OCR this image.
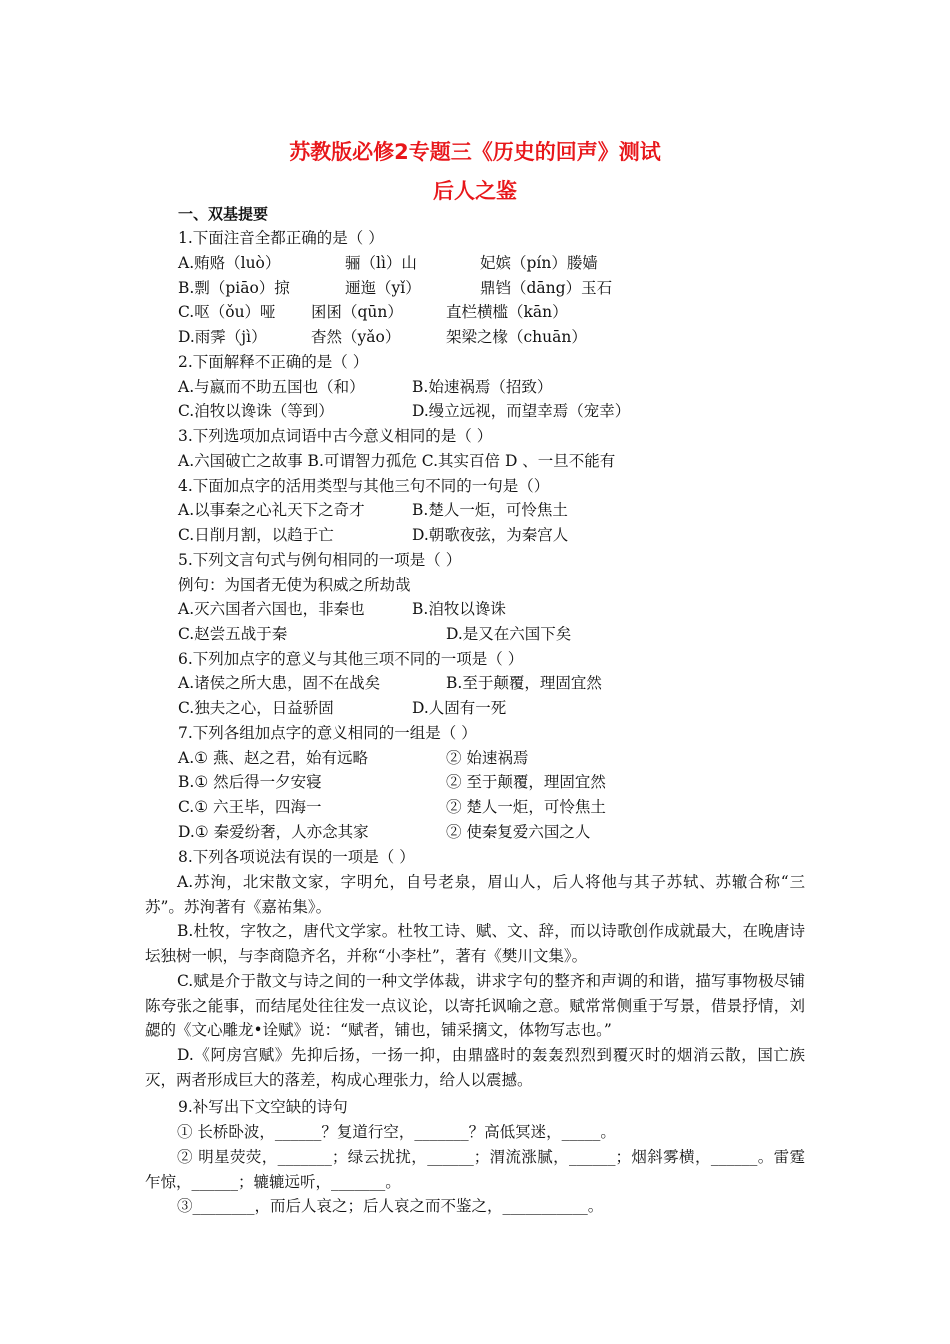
苏教版必修2专题三《历史的回声》测试
后人之鉴
一、双基提要
1.下面注音全都正确的是（ ）
A.贿赂（luò）	骊（lì）山	妃嫔（pín）媵嫱
B.剽（piāo）掠	逦迤（yǐ）	鼎铛（dāng）玉石
C.呕（ǒu）哑 囷囷（qūn）	直栏横槛（kān）
D.雨霁（jì）	杳然（yǎo）	架梁之椽（chuān）
2.下面解释不正确的是（ ）
A.与嬴而不助五国也（和）	B.始速祸焉（招致）
C.洎牧以谗诛（等到）	D.缦立远视，而望幸焉（宠幸）
3.下列选项加点词语中古今意义相同的是（ ）
A.六国破亡之故事 B.可谓智力孤危 C.其实百倍 D 、一旦不能有
4.下面加点字的活用类型与其他三句不同的一句是（）
A.以事秦之心礼天下之奇才	B.楚人一炬，可怜焦土
C.日削月割，以趋于亡	D.朝歌夜弦，为秦宫人
5.下列文言句式与例句相同的一项是（ ）
例句：为国者无使为积威之所劫哉
A.灭六国者六国也，非秦也	B.洎牧以谗诛
C.赵尝五战于秦	D.是又在六国下矣
6.下列加点字的意义与其他三项不同的一项是（ ）
A.诸侯之所大患，固不在战矣	B.至于颠覆，理固宜然
C.独夫之心，日益骄固	D.人固有一死
7.下列各组加点字的意义相同的一组是（ ）
A.① 燕、赵之君，始有远略	② 始速祸焉
B.① 然后得一夕安寝	② 至于颠覆，理固宜然
C.① 六王毕，四海一	② 楚人一炬，可怜焦土
D.① 秦爱纷奢，人亦念其家	② 使秦复爱六国之人
8.下列各项说法有误的一项是（ ）
A.苏洵，北宋散文家，字明允，自号老泉，眉山人，后人将他与其子苏轼、苏辙合称“三苏”。苏洵著有《嘉祐集》。
B.杜牧，字牧之，唐代文学家。杜牧工诗、赋、文、辞，而以诗歌创作成就最大，在晚唐诗坛独树一帜，与李商隐齐名，并称“小李杜”，著有《樊川文集》。
C.赋是介于散文与诗之间的一种文学体裁，讲求字句的整齐和声调的和谐，描写事物极尽铺陈夸张之能事，而结尾处往往发一点议论，以寄托讽喻之意。赋常常侧重于写景，借景抒情，刘勰的《文心雕龙•诠赋》说：“赋者，铺也，铺采摛文，体物写志也。”
D.《阿房宫赋》先抑后扬，一扬一抑，由鼎盛时的轰轰烈烈到覆灭时的烟消云散，国亡族灭，两者形成巨大的落差，构成心理张力，给人以震撼。
9.补写出下文空缺的诗句
① 长桥卧波，______？复道行空，_______？高低冥迷，_____。
② 明星荧荧，_______；绿云扰扰，______；渭流涨腻，______；烟斜雾横，______。雷霆乍惊，______；辘辘远听，_______。
③________，而后人哀之；后人哀之而不鉴之，___________。
